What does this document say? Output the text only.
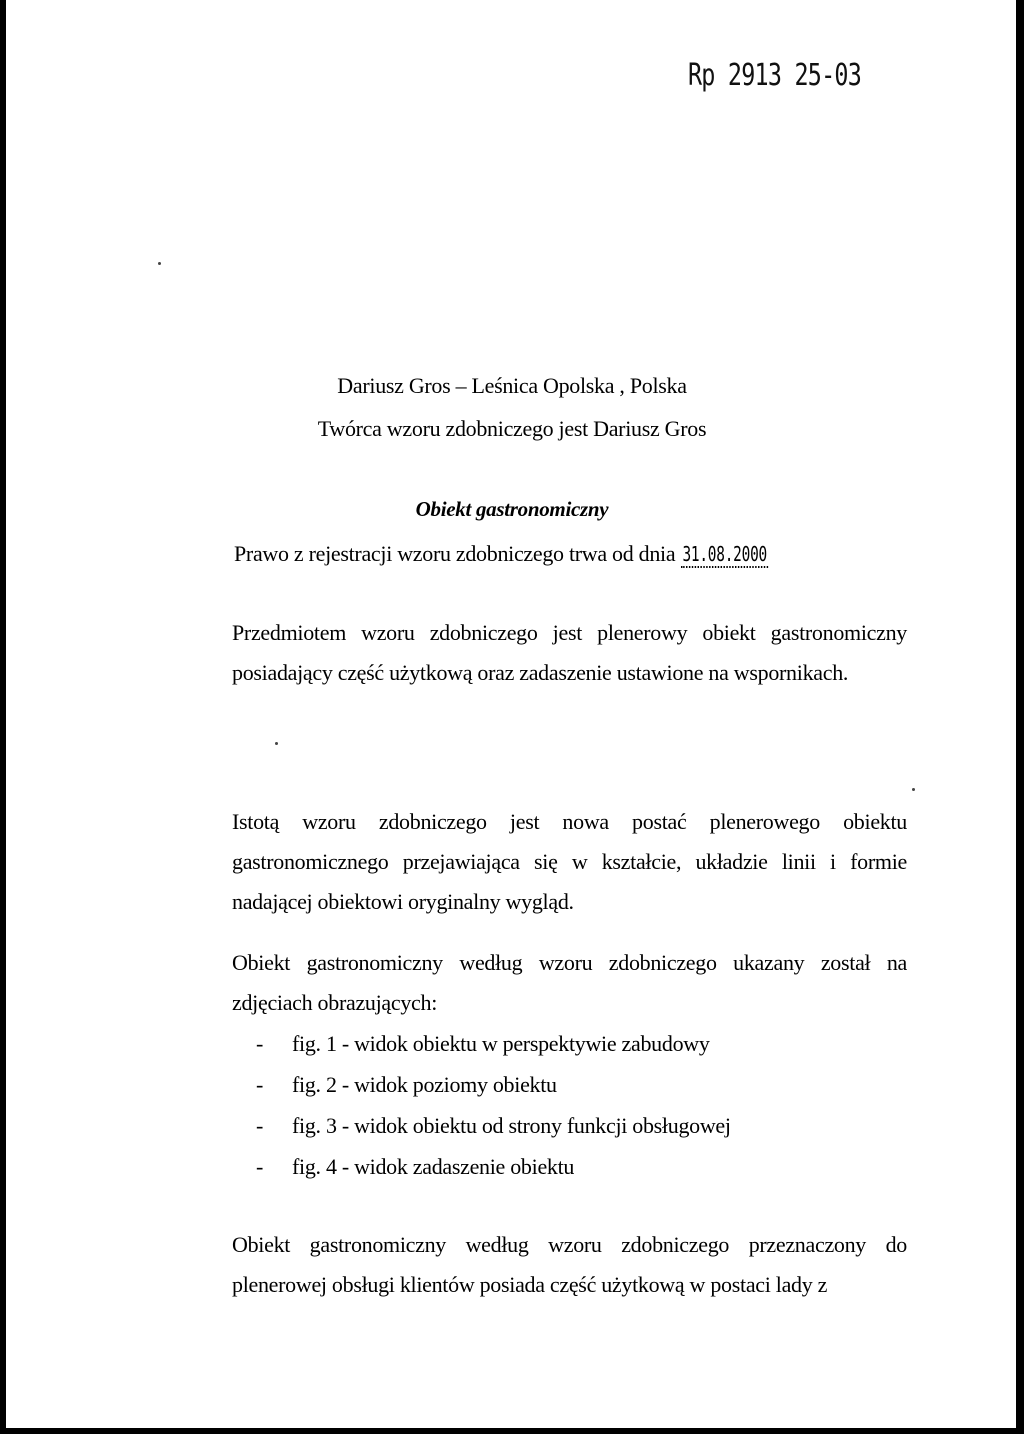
Rp 2913 25-03
Dariusz Gros – Leśnica Opolska , Polska
Twórca wzoru zdobniczego jest Dariusz Gros
Obiekt gastronomiczny
Prawo z rejestracji wzoru zdobniczego trwa od dnia 31.08.2000

Przedmiotem wzoru zdobniczego jest plenerowy obiekt gastronomiczny posiadający część użytkową oraz zadaszenie ustawione na wspornikach.

Istotą wzoru zdobniczego jest nowa postać plenerowego obiektu gastronomicznego przejawiająca się w kształcie, układzie linii i formie nadającej obiektowi oryginalny wygląd.

Obiekt gastronomiczny według wzoru zdobniczego ukazany został na zdjęciach obrazujących:

- fig. 1 - widok obiektu w perspektywie zabudowy
- fig. 2 - widok poziomy obiektu
- fig. 3 - widok obiektu od strony funkcji obsługowej
- fig. 4 - widok zadaszenie obiektu

Obiekt gastronomiczny według wzoru zdobniczego przeznaczony do plenerowej obsługi klientów posiada część użytkową w postaci lady z
